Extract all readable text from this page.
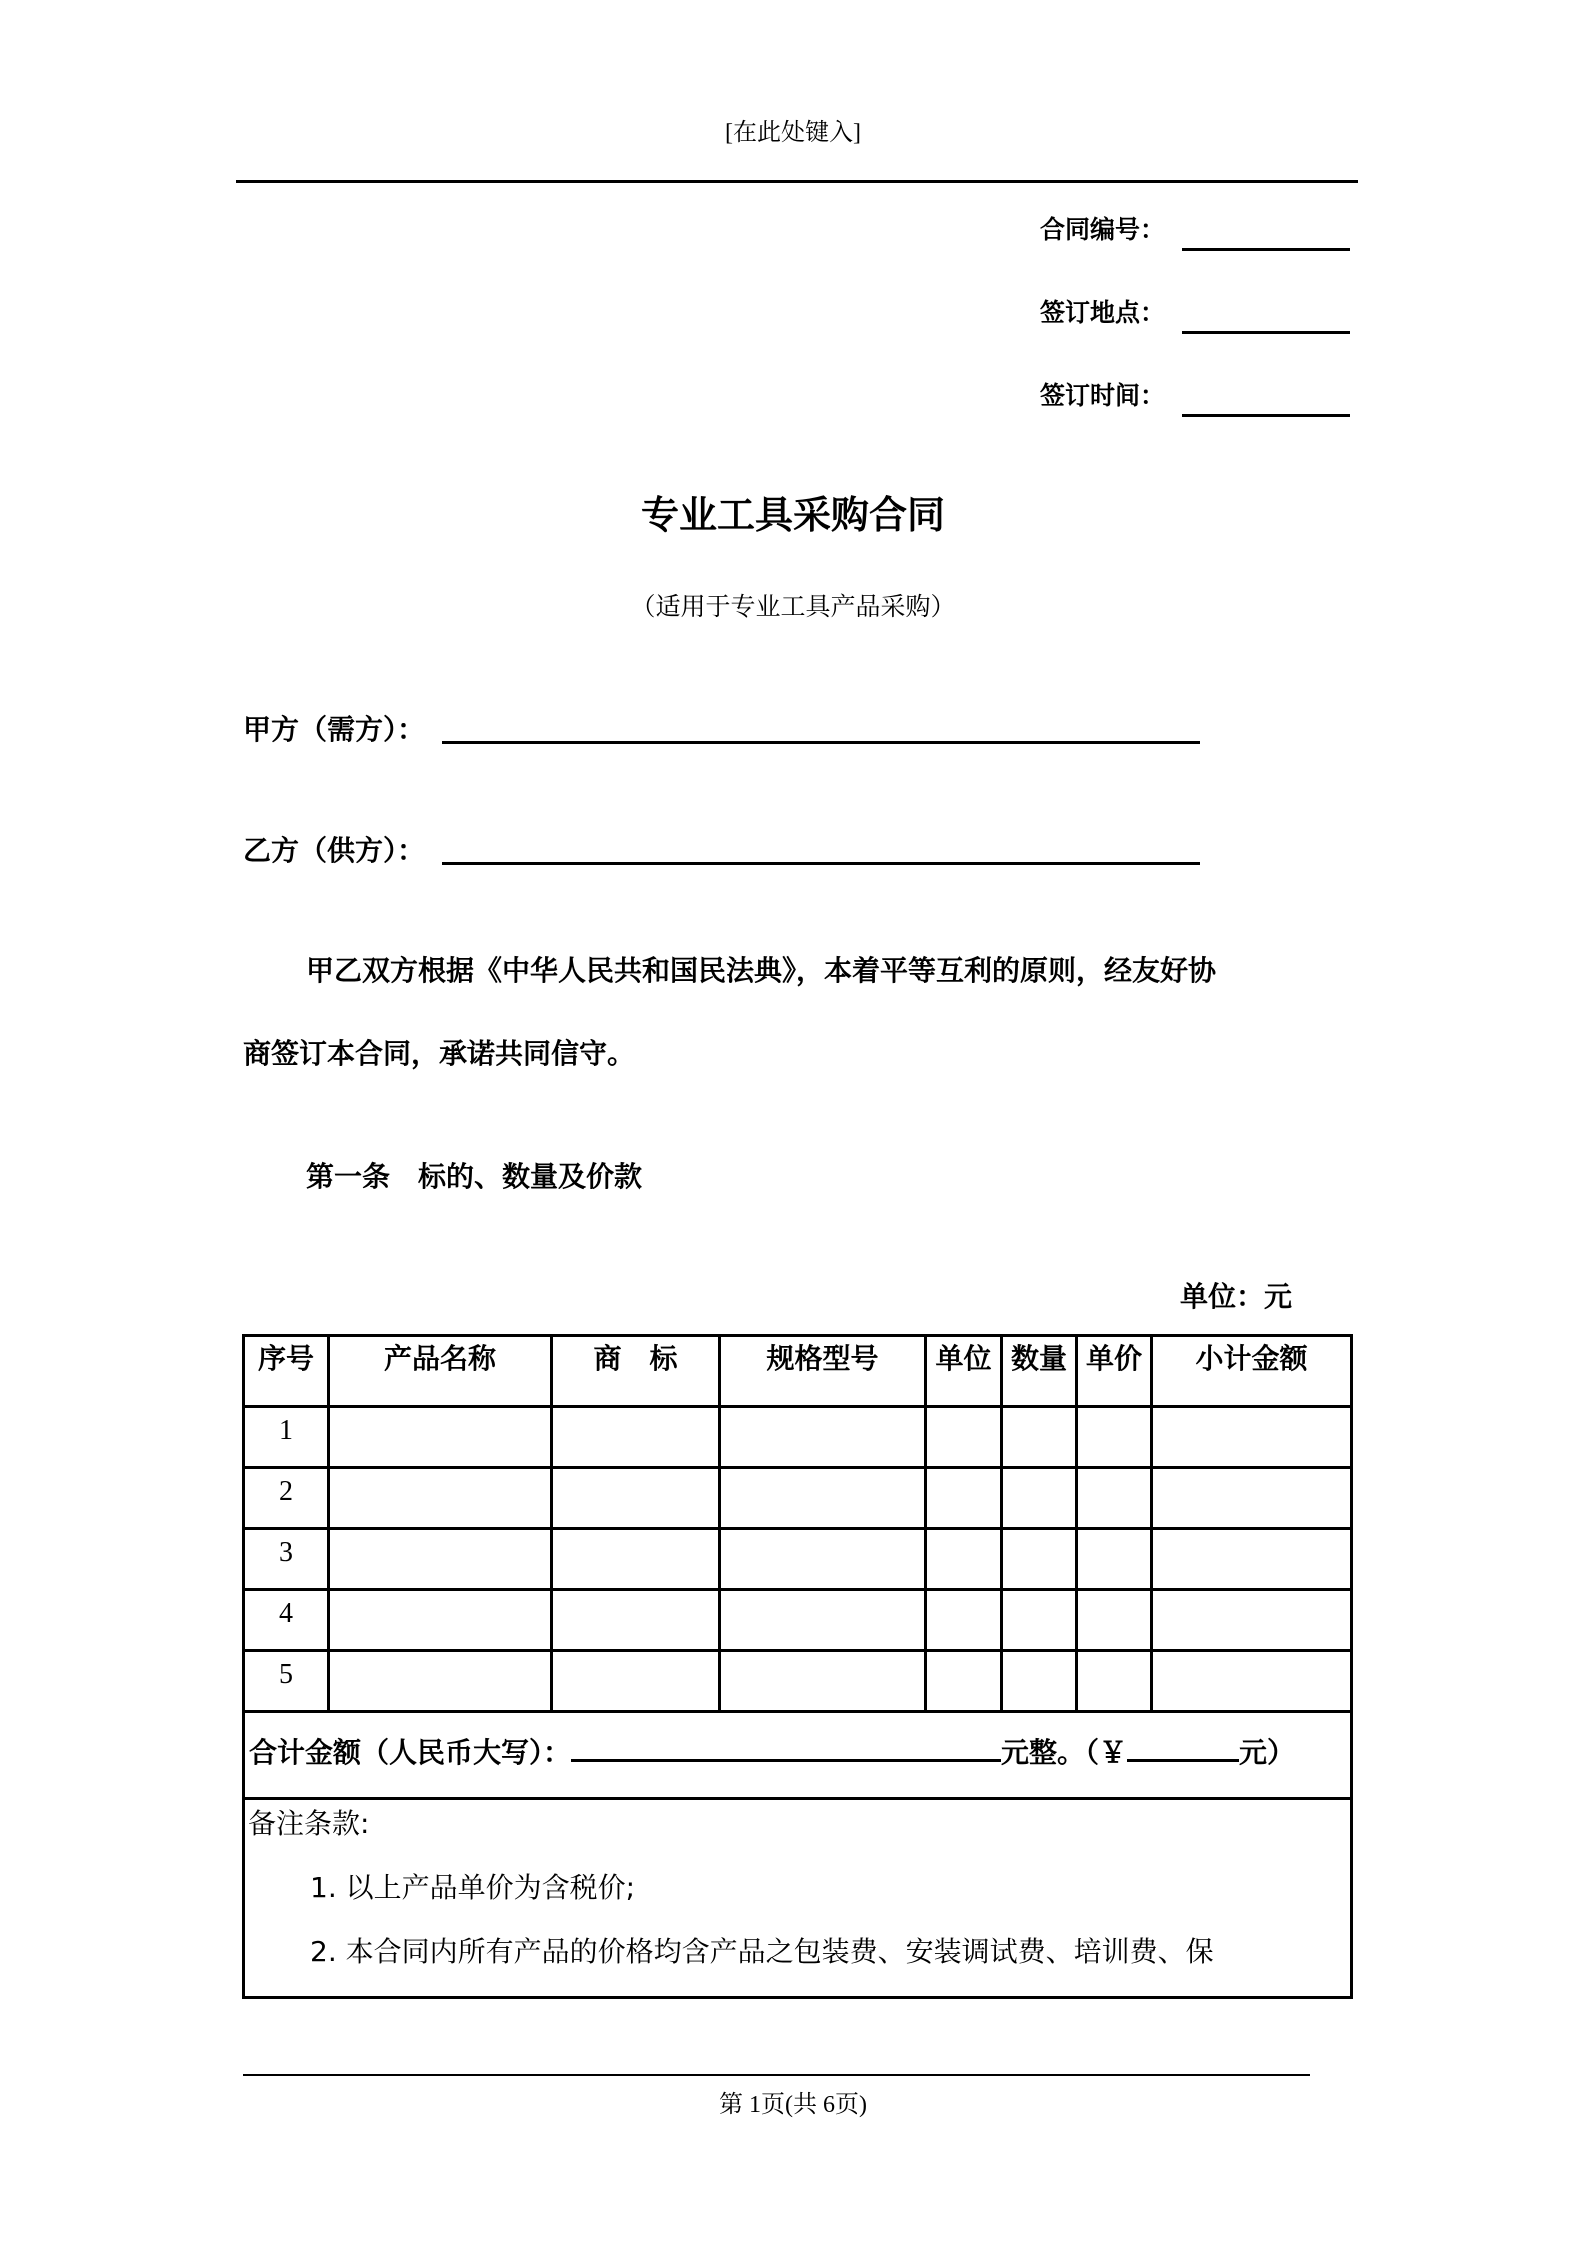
[在此处键入]
合同编号：
签订地点：
签订时间：
专业工具采购合同
（适用于专业工具产品采购）
甲方（需方）：
乙方（供方）：
甲乙双方根据《中华人民共和国民法典》，本着平等互利的原则，经友好协
商签订本合同，承诺共同信守。
第一条　标的、数量及价款
单位：元
序号	产品名称	商　标	规格型号	单位	数量	单价	小计金额
1							
2							
3							
4							
5							
合计金额（人民币大写）： 元整。（￥ 元）							

备注条款:
1. 以上产品单价为含税价;
2. 本合同内所有产品的价格均含产品之包装费、安装调试费、培训费、保							
第 1页(共 6页)
